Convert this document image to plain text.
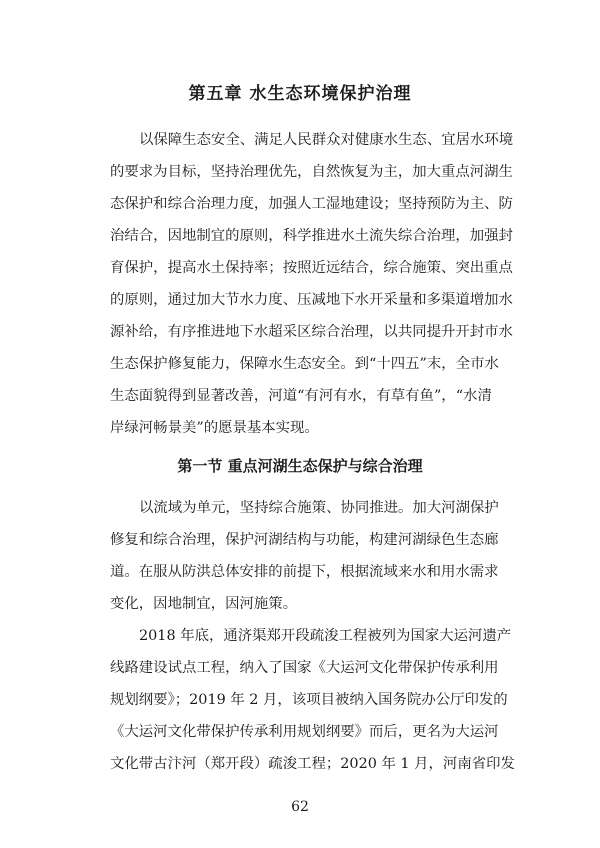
第五章 水生态环境保护治理
以保障生态安全、满足人民群众对健康水生态、宜居水环境
的要求为目标，坚持治理优先，自然恢复为主，加大重点河湖生
态保护和综合治理力度，加强人工湿地建设；坚持预防为主、防
治结合，因地制宜的原则，科学推进水土流失综合治理，加强封
育保护，提高水土保持率；按照近远结合，综合施策、突出重点
的原则，通过加大节水力度、压减地下水开采量和多渠道增加水
源补给，有序推进地下水超采区综合治理，以共同提升开封市水
生态保护修复能力，保障水生态安全。到“十四五”末，全市水
生态面貌得到显著改善，河道“有河有水，有草有鱼”，“水清
岸绿河畅景美”的愿景基本实现。
第一节 重点河湖生态保护与综合治理
以流域为单元，坚持综合施策、协同推进。加大河湖保护
修复和综合治理，保护河湖结构与功能，构建河湖绿色生态廊
道。在服从防洪总体安排的前提下，根据流域来水和用水需求
变化，因地制宜，因河施策。
2018 年底，通济渠郑开段疏浚工程被列为国家大运河遗产
线路建设试点工程，纳入了国家《大运河文化带保护传承利用
规划纲要》；2019 年 2 月，该项目被纳入国务院办公厅印发的
《大运河文化带保护传承利用规划纲要》而后，更名为大运河
文化带古汴河（郑开段）疏浚工程；2020 年 1 月，河南省印发
62
